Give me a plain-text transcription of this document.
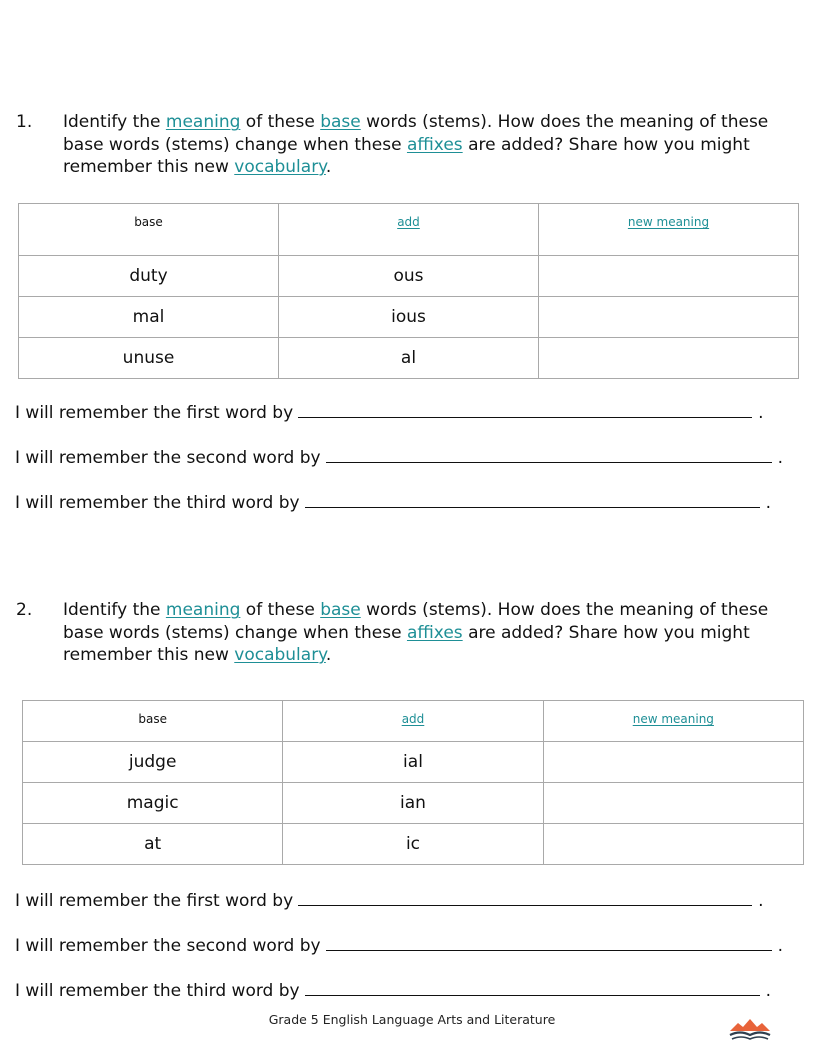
1.	Identify the meaning of these base words (stems). How does the meaning of these base words (stems) change when these affixes are added? Share how you might remember this new vocabulary.
base	add	new meaning
duty	ous	
mal	ious	
unuse	al	
I will remember the first word by	.
I will remember the second word by	.
I will remember the third word by	.
2.	Identify the meaning of these base words (stems). How does the meaning of these base words (stems) change when these affixes are added? Share how you might remember this new vocabulary.
base	add	new meaning
judge	ial	
magic	ian	
at	ic	
I will remember the first word by	.
I will remember the second word by	.
I will remember the third word by	.
Grade 5 English Language Arts and Literature
